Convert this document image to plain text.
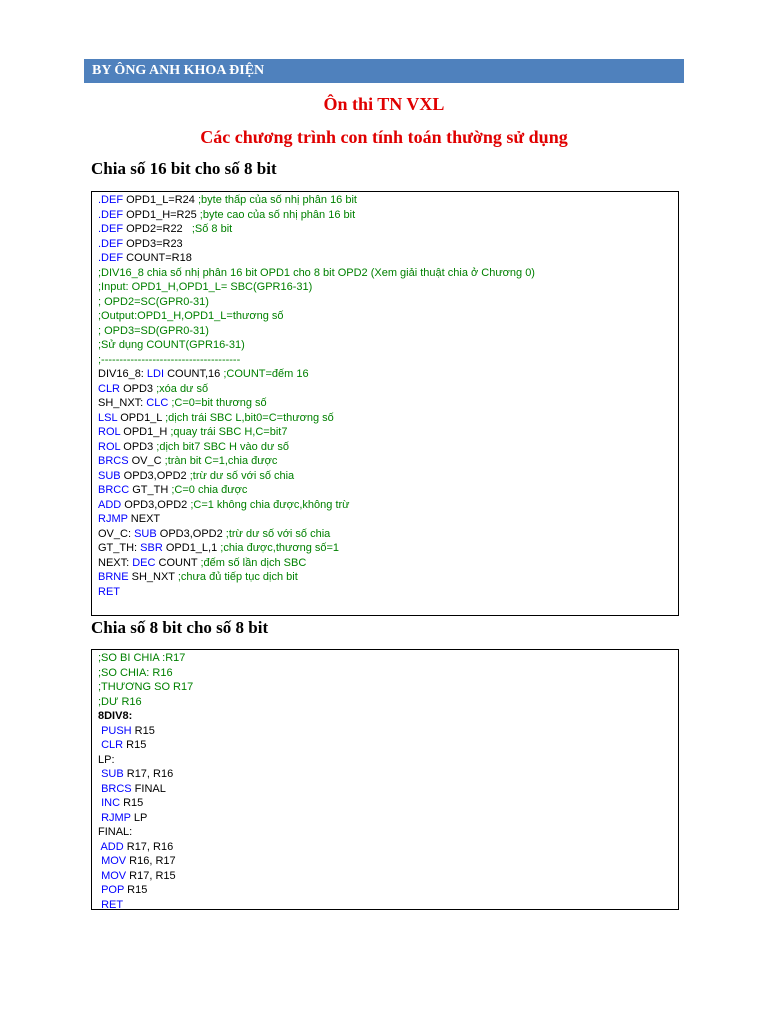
BY ÔNG ANH KHOA ĐIỆN
Ôn thi TN VXL
Các chương trình con tính toán thường sử dụng
Chia số 16 bit cho số 8 bit
.DEF OPD1_L=R24 ;byte thấp của số nhị phân 16 bit
.DEF OPD1_H=R25 ;byte cao của số nhị phân 16 bit
.DEF OPD2=R22   ;Số 8 bit
.DEF OPD3=R23
.DEF COUNT=R18
;DIV16_8 chia số nhị phân 16 bit OPD1 cho 8 bit OPD2 (Xem giải thuật chia ở Chương 0)
;Input: OPD1_H,OPD1_L= SBC(GPR16-31)
; OPD2=SC(GPR0-31)
;Output:OPD1_H,OPD1_L=thương số
; OPD3=SD(GPR0-31)
;Sử dụng COUNT(GPR16-31)
;--------------------------------------
DIV16_8: LDI COUNT,16 ;COUNT=đếm 16
CLR OPD3 ;xóa dư số
SH_NXT: CLC ;C=0=bit thương số
LSL OPD1_L ;dịch trái SBC L,bit0=C=thương số
ROL OPD1_H ;quay trái SBC H,C=bit7
ROL OPD3 ;dịch bit7 SBC H vào dư số
BRCS OV_C ;tràn bit C=1,chia được
SUB OPD3,OPD2 ;trừ dư số với số chia
BRCC GT_TH ;C=0 chia được
ADD OPD3,OPD2 ;C=1 không chia được,không trừ
RJMP NEXT
OV_C: SUB OPD3,OPD2 ;trừ dư số với số chia
GT_TH: SBR OPD1_L,1 ;chia được,thương số=1
NEXT: DEC COUNT ;đếm số lần dịch SBC
BRNE SH_NXT ;chưa đủ tiếp tục dịch bit
RET
Chia số 8 bit cho số 8 bit
;SO BI CHIA :R17
;SO CHIA: R16
;THƯƠNG SO R17
;DƯ R16
8DIV8:
PUSH R15
CLR R15
LP:
SUB R17, R16
BRCS FINAL
INC R15
RJMP LP
FINAL:
ADD R17, R16
MOV R16, R17
MOV R17, R15
POP R15
RET
